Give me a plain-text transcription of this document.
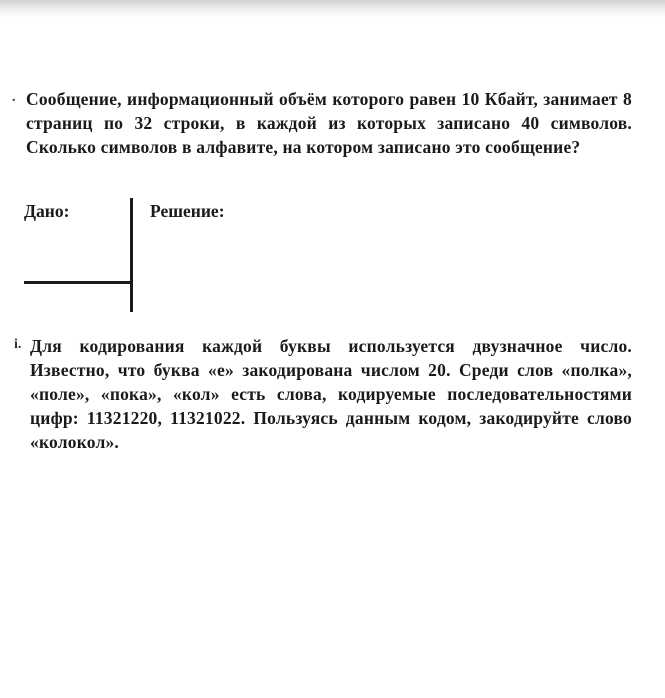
. Сообщение, информационный объём которого равен 10 Кбайт, занимает 8 страниц по 32 строки, в каждой из которых записано 40 символов. Сколько символов в алфавите, на котором записано это сообщение?
Дано:	Решение:
i. Для кодирования каждой буквы используется двузначное число. Известно, что буква «е» закодирована числом 20. Среди слов «полка», «поле», «пока», «кол» есть слова, кодируемые последовательностями цифр: 11321220, 11321022. Пользуясь данным кодом, закодируйте слово «колокол».
